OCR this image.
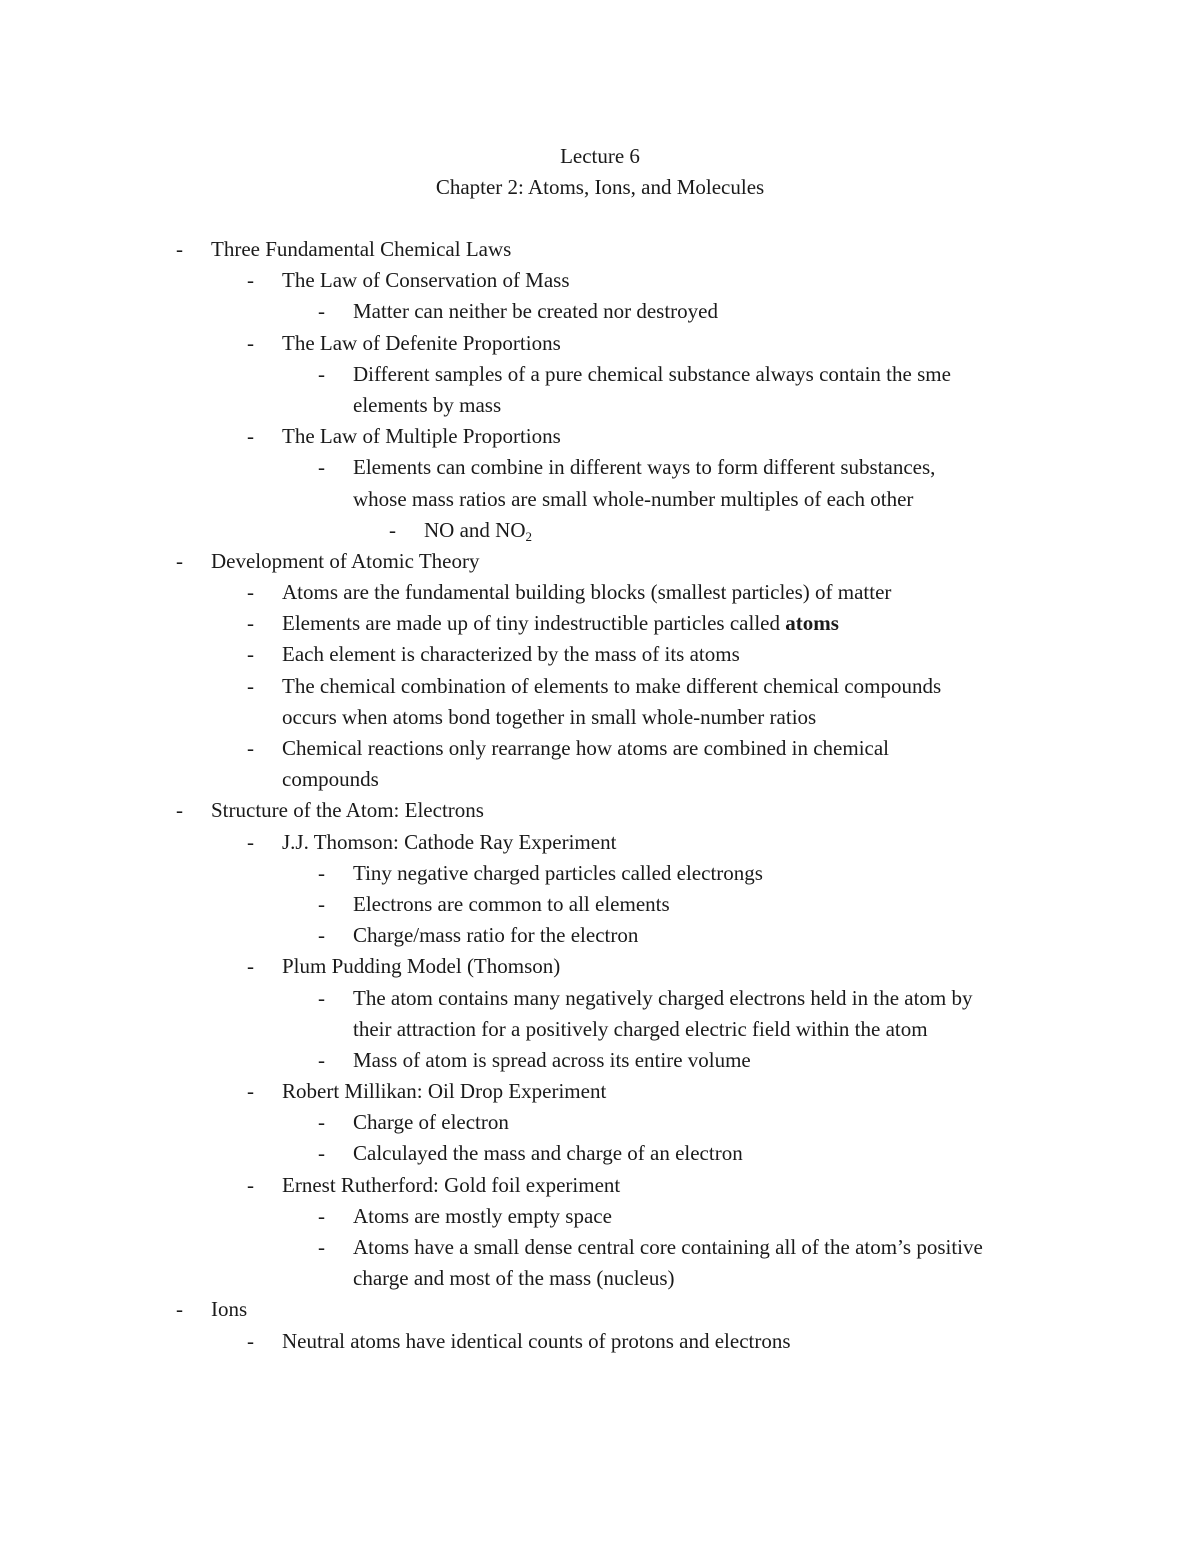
Lecture 6
Chapter 2: Atoms, Ions, and Molecules
- Three Fundamental Chemical Laws
- The Law of Conservation of Mass
- Matter can neither be created nor destroyed
- The Law of Defenite Proportions
- Different samples of a pure chemical substance always contain the sme
elements by mass
- The Law of Multiple Proportions
- Elements can combine in different ways to form different substances,
whose mass ratios are small whole-number multiples of each other
- NO and $NO_2$
- Development of Atomic Theory
- Atoms are the fundamental building blocks (smallest particles) of matter
- Elements are made up of tiny indestructible particles called atoms
- Each element is characterized by the mass of its atoms
- The chemical combination of elements to make different chemical compounds
occurs when atoms bond together in small whole-number ratios
- Chemical reactions only rearrange how atoms are combined in chemical
compounds
- Structure of the Atom: Electrons
- J.J. Thomson: Cathode Ray Experiment
- Tiny negative charged particles called electrongs
- Electrons are common to all elements
- Charge/mass ratio for the electron
- Plum Pudding Model (Thomson)
- The atom contains many negatively charged electrons held in the atom by
their attraction for a positively charged electric field within the atom
- Mass of atom is spread across its entire volume
- Robert Millikan: Oil Drop Experiment
- Charge of electron
- Calculayed the mass and charge of an electron
- Ernest Rutherford: Gold foil experiment
- Atoms are mostly empty space
- Atoms have a small dense central core containing all of the atom’s positive
charge and most of the mass (nucleus)
- Ions
- Neutral atoms have identical counts of protons and electrons
